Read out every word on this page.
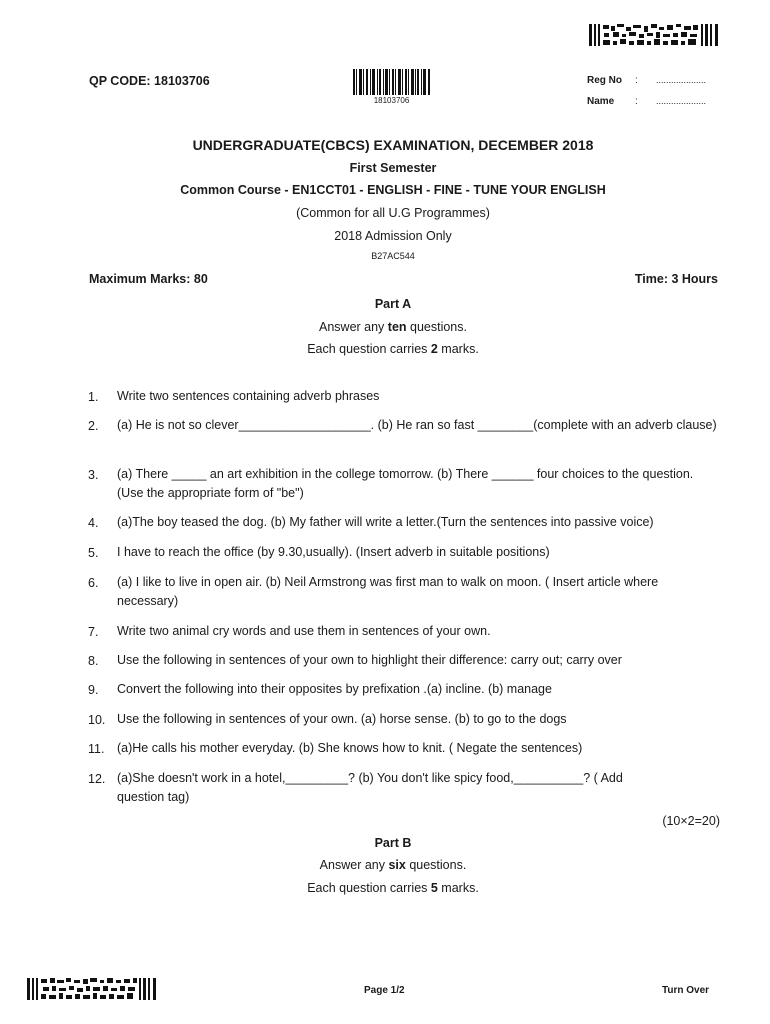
QP CODE: 18103706
18103706
Reg No : ....................
Name : ....................
UNDERGRADUATE(CBCS) EXAMINATION, DECEMBER 2018
First Semester
Common Course - EN1CCT01 - ENGLISH - FINE - TUNE YOUR ENGLISH
(Common for all U.G Programmes)
2018 Admission Only
B27AC544
Maximum Marks: 80	Time: 3 Hours
Part A
Answer any ten questions.
Each question carries 2 marks.
1. Write two sentences containing adverb phrases
2. (a) He is not so clever___________________. (b) He ran so fast ________(complete with an adverb clause)
3. (a) There _____ an art exhibition in the college tomorrow. (b) There ______ four choices to the question. (Use the appropriate form of "be")
4. (a)The boy teased the dog. (b) My father will write a letter.(Turn the sentences into passive voice)
5. I have to reach the office (by 9.30,usually). (Insert adverb in suitable positions)
6. (a) I like to live in open air. (b) Neil Armstrong was first man to walk on moon. ( Insert article where necessary)
7. Write two animal cry words and use them in sentences of your own.
8. Use the following in sentences of your own to highlight their difference: carry out; carry over
9. Convert the following into their opposites by prefixation .(a) incline. (b) manage
10. Use the following in sentences of your own. (a) horse sense. (b) to go to the dogs
11. (a)He calls his mother everyday. (b) She knows how to knit. ( Negate the sentences)
12. (a)She doesn't work in a hotel,_________? (b) You don't like spicy food,__________? ( Add question tag)
(10×2=20)
Part B
Answer any six questions.
Each question carries 5 marks.
Page 1/2	Turn Over
